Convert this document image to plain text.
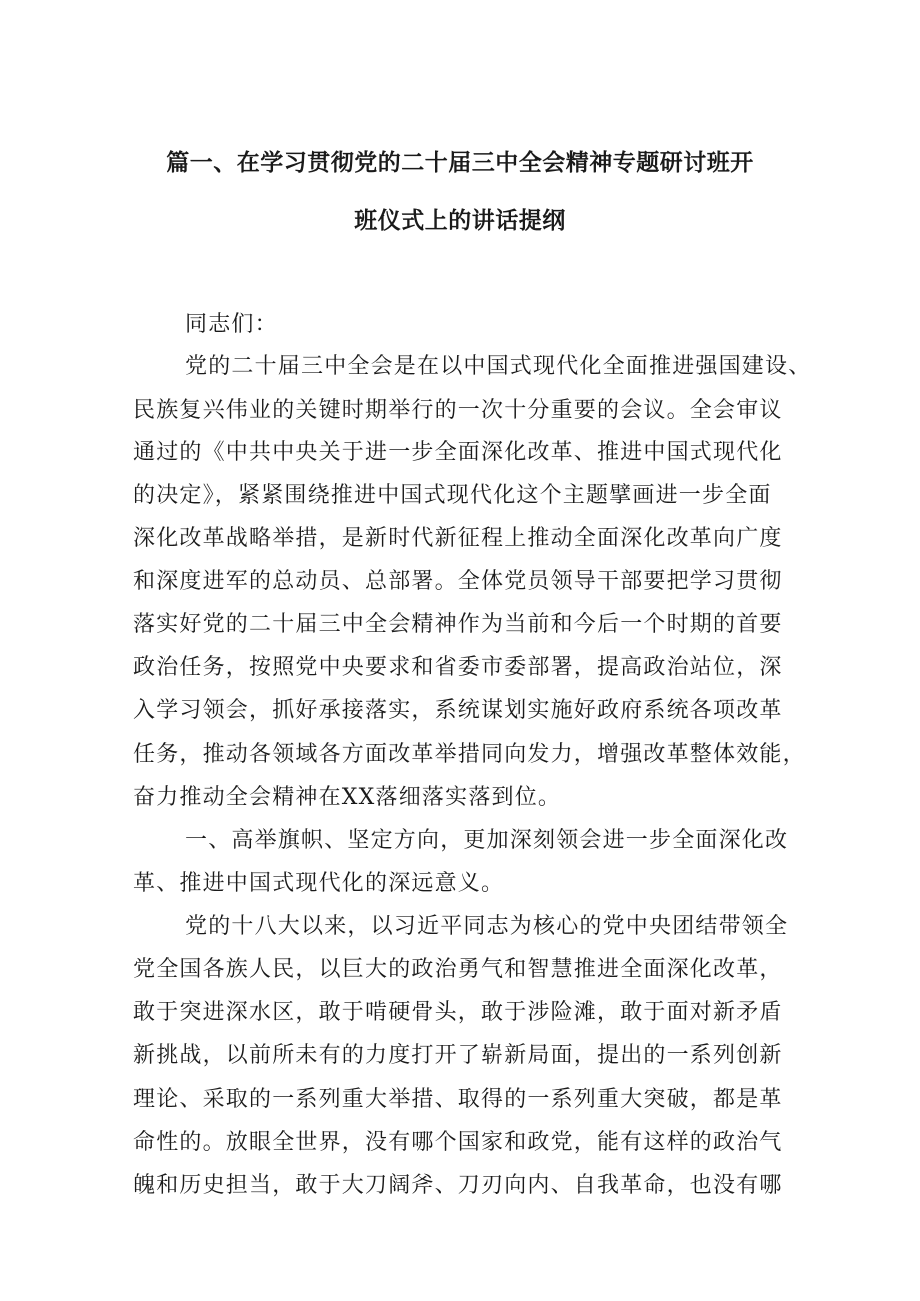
篇一、在学习贯彻党的二十届三中全会精神专题研讨班开
班仪式上的讲话提纲
同志们：
党的二十届三中全会是在以中国式现代化全面推进强国建设、
民族复兴伟业的关键时期举行的一次十分重要的会议。全会审议
通过的《中共中央关于进一步全面深化改革、推进中国式现代化
的决定》，紧紧围绕推进中国式现代化这个主题擘画进一步全面
深化改革战略举措，是新时代新征程上推动全面深化改革向广度
和深度进军的总动员、总部署。全体党员领导干部要把学习贯彻
落实好党的二十届三中全会精神作为当前和今后一个时期的首要
政治任务，按照党中央要求和省委市委部署，提高政治站位，深
入学习领会，抓好承接落实，系统谋划实施好政府系统各项改革
任务，推动各领域各方面改革举措同向发力，增强改革整体效能，
奋力推动全会精神在XX落细落实落到位。
一、高举旗帜、坚定方向，更加深刻领会进一步全面深化改
革、推进中国式现代化的深远意义。
党的十八大以来，以习近平同志为核心的党中央团结带领全
党全国各族人民，以巨大的政治勇气和智慧推进全面深化改革，
敢于突进深水区，敢于啃硬骨头，敢于涉险滩，敢于面对新矛盾
新挑战，以前所未有的力度打开了崭新局面，提出的一系列创新
理论、采取的一系列重大举措、取得的一系列重大突破，都是革
命性的。放眼全世界，没有哪个国家和政党，能有这样的政治气
魄和历史担当，敢于大刀阔斧、刀刃向内、自我革命，也没有哪
